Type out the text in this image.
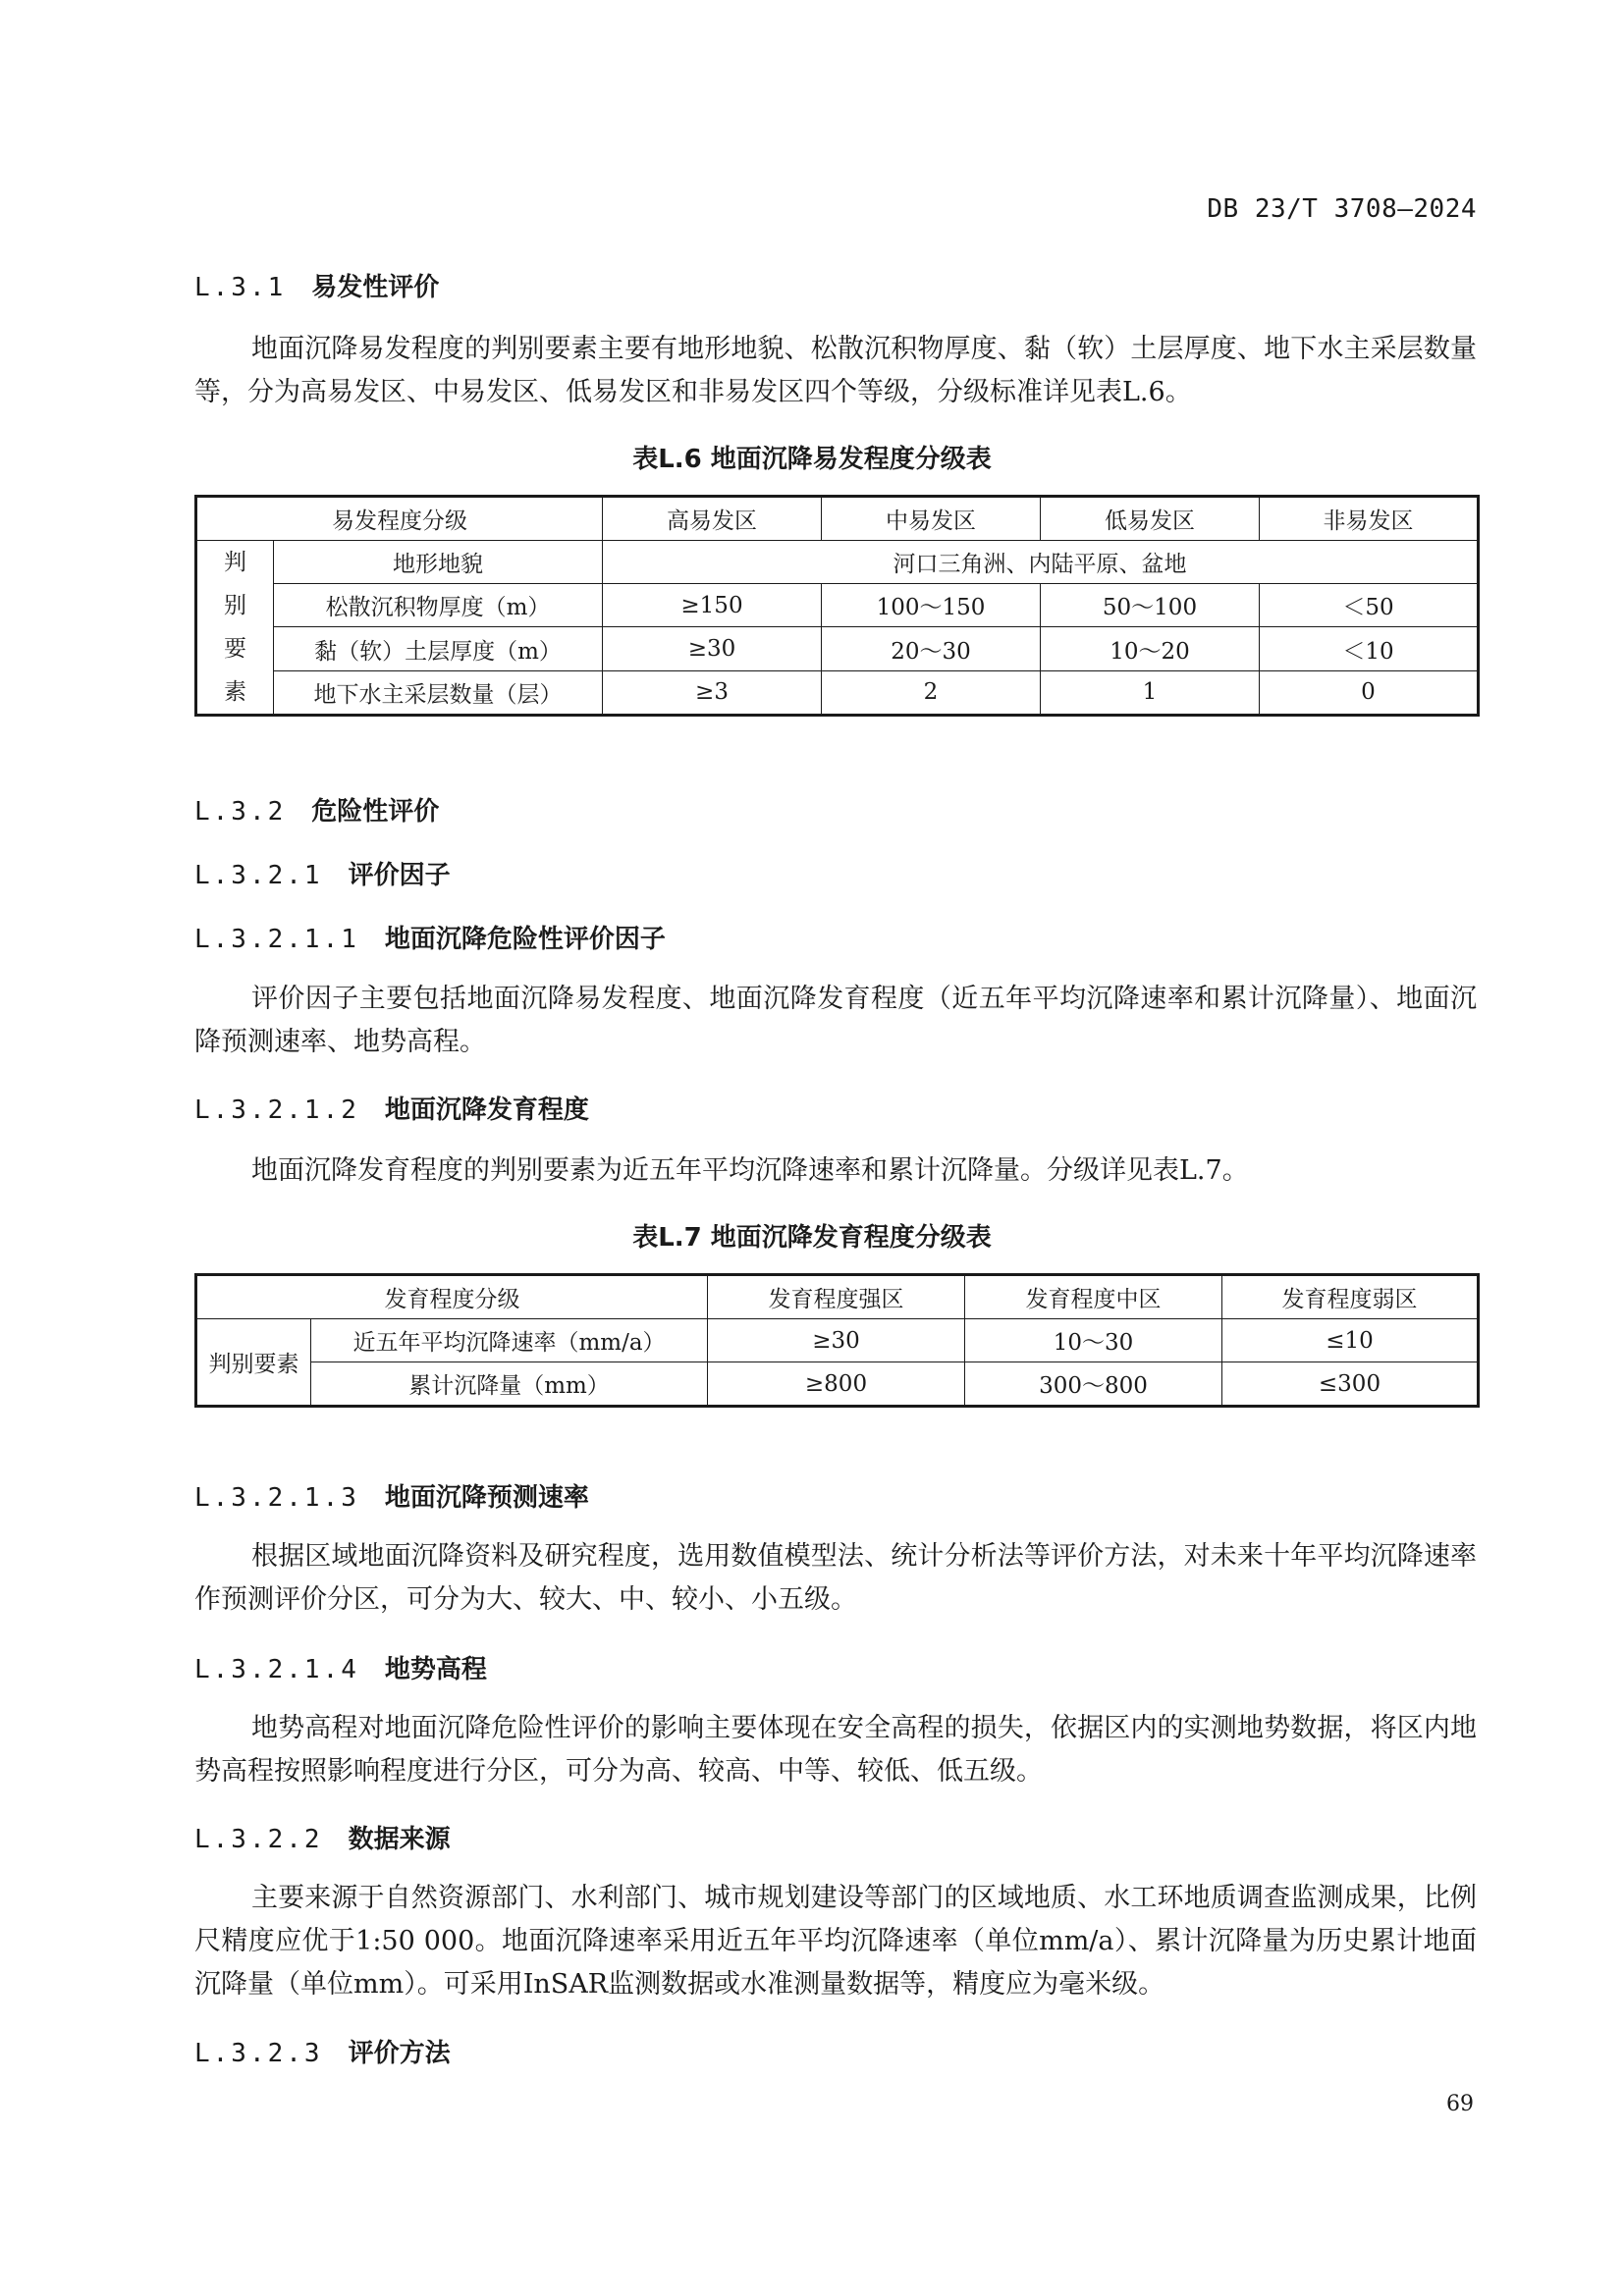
DB 23/T 3708—2024
L.3.1 易发性评价

地面沉降易发程度的判别要素主要有地形地貌、松散沉积物厚度、黏（软）土层厚度、地下水主采层数量等，分为高易发区、中易发区、低易发区和非易发区四个等级，分级标准详见表L.6。

表L.6 地面沉降易发程度分级表
易发程度分级		高易发区	中易发区	低易发区	非易发区
判别要素	地形地貌	河口三角洲、内陆平原、盆地			
	松散沉积物厚度（m）	≥150	100～150	50～100	＜50
	黏（软）土层厚度（m）	≥30	20～30	10～20	＜10
	地下水主采层数量（层）	≥3	2	1	0
L.3.2 危险性评价
L.3.2.1 评价因子
L.3.2.1.1 地面沉降危险性评价因子

评价因子主要包括地面沉降易发程度、地面沉降发育程度（近五年平均沉降速率和累计沉降量）、地面沉降预测速率、地势高程。

L.3.2.1.2 地面沉降发育程度

地面沉降发育程度的判别要素为近五年平均沉降速率和累计沉降量。分级详见表L.7。

表L.7 地面沉降发育程度分级表
发育程度分级		发育程度强区	发育程度中区	发育程度弱区
判别要素	近五年平均沉降速率（mm/a）	≥30	10～30	≤10
	累计沉降量（mm）	≥800	300～800	≤300
L.3.2.1.3 地面沉降预测速率

根据区域地面沉降资料及研究程度，选用数值模型法、统计分析法等评价方法，对未来十年平均沉降速率作预测评价分区，可分为大、较大、中、较小、小五级。

L.3.2.1.4 地势高程

地势高程对地面沉降危险性评价的影响主要体现在安全高程的损失，依据区内的实测地势数据，将区内地势高程按照影响程度进行分区，可分为高、较高、中等、较低、低五级。

L.3.2.2 数据来源

主要来源于自然资源部门、水利部门、城市规划建设等部门的区域地质、水工环地质调查监测成果，比例尺精度应优于1:50 000。地面沉降速率采用近五年平均沉降速率（单位mm/a）、累计沉降量为历史累计地面沉降量（单位mm）。可采用InSAR监测数据或水准测量数据等，精度应为毫米级。

L.3.2.3 评价方法
69
